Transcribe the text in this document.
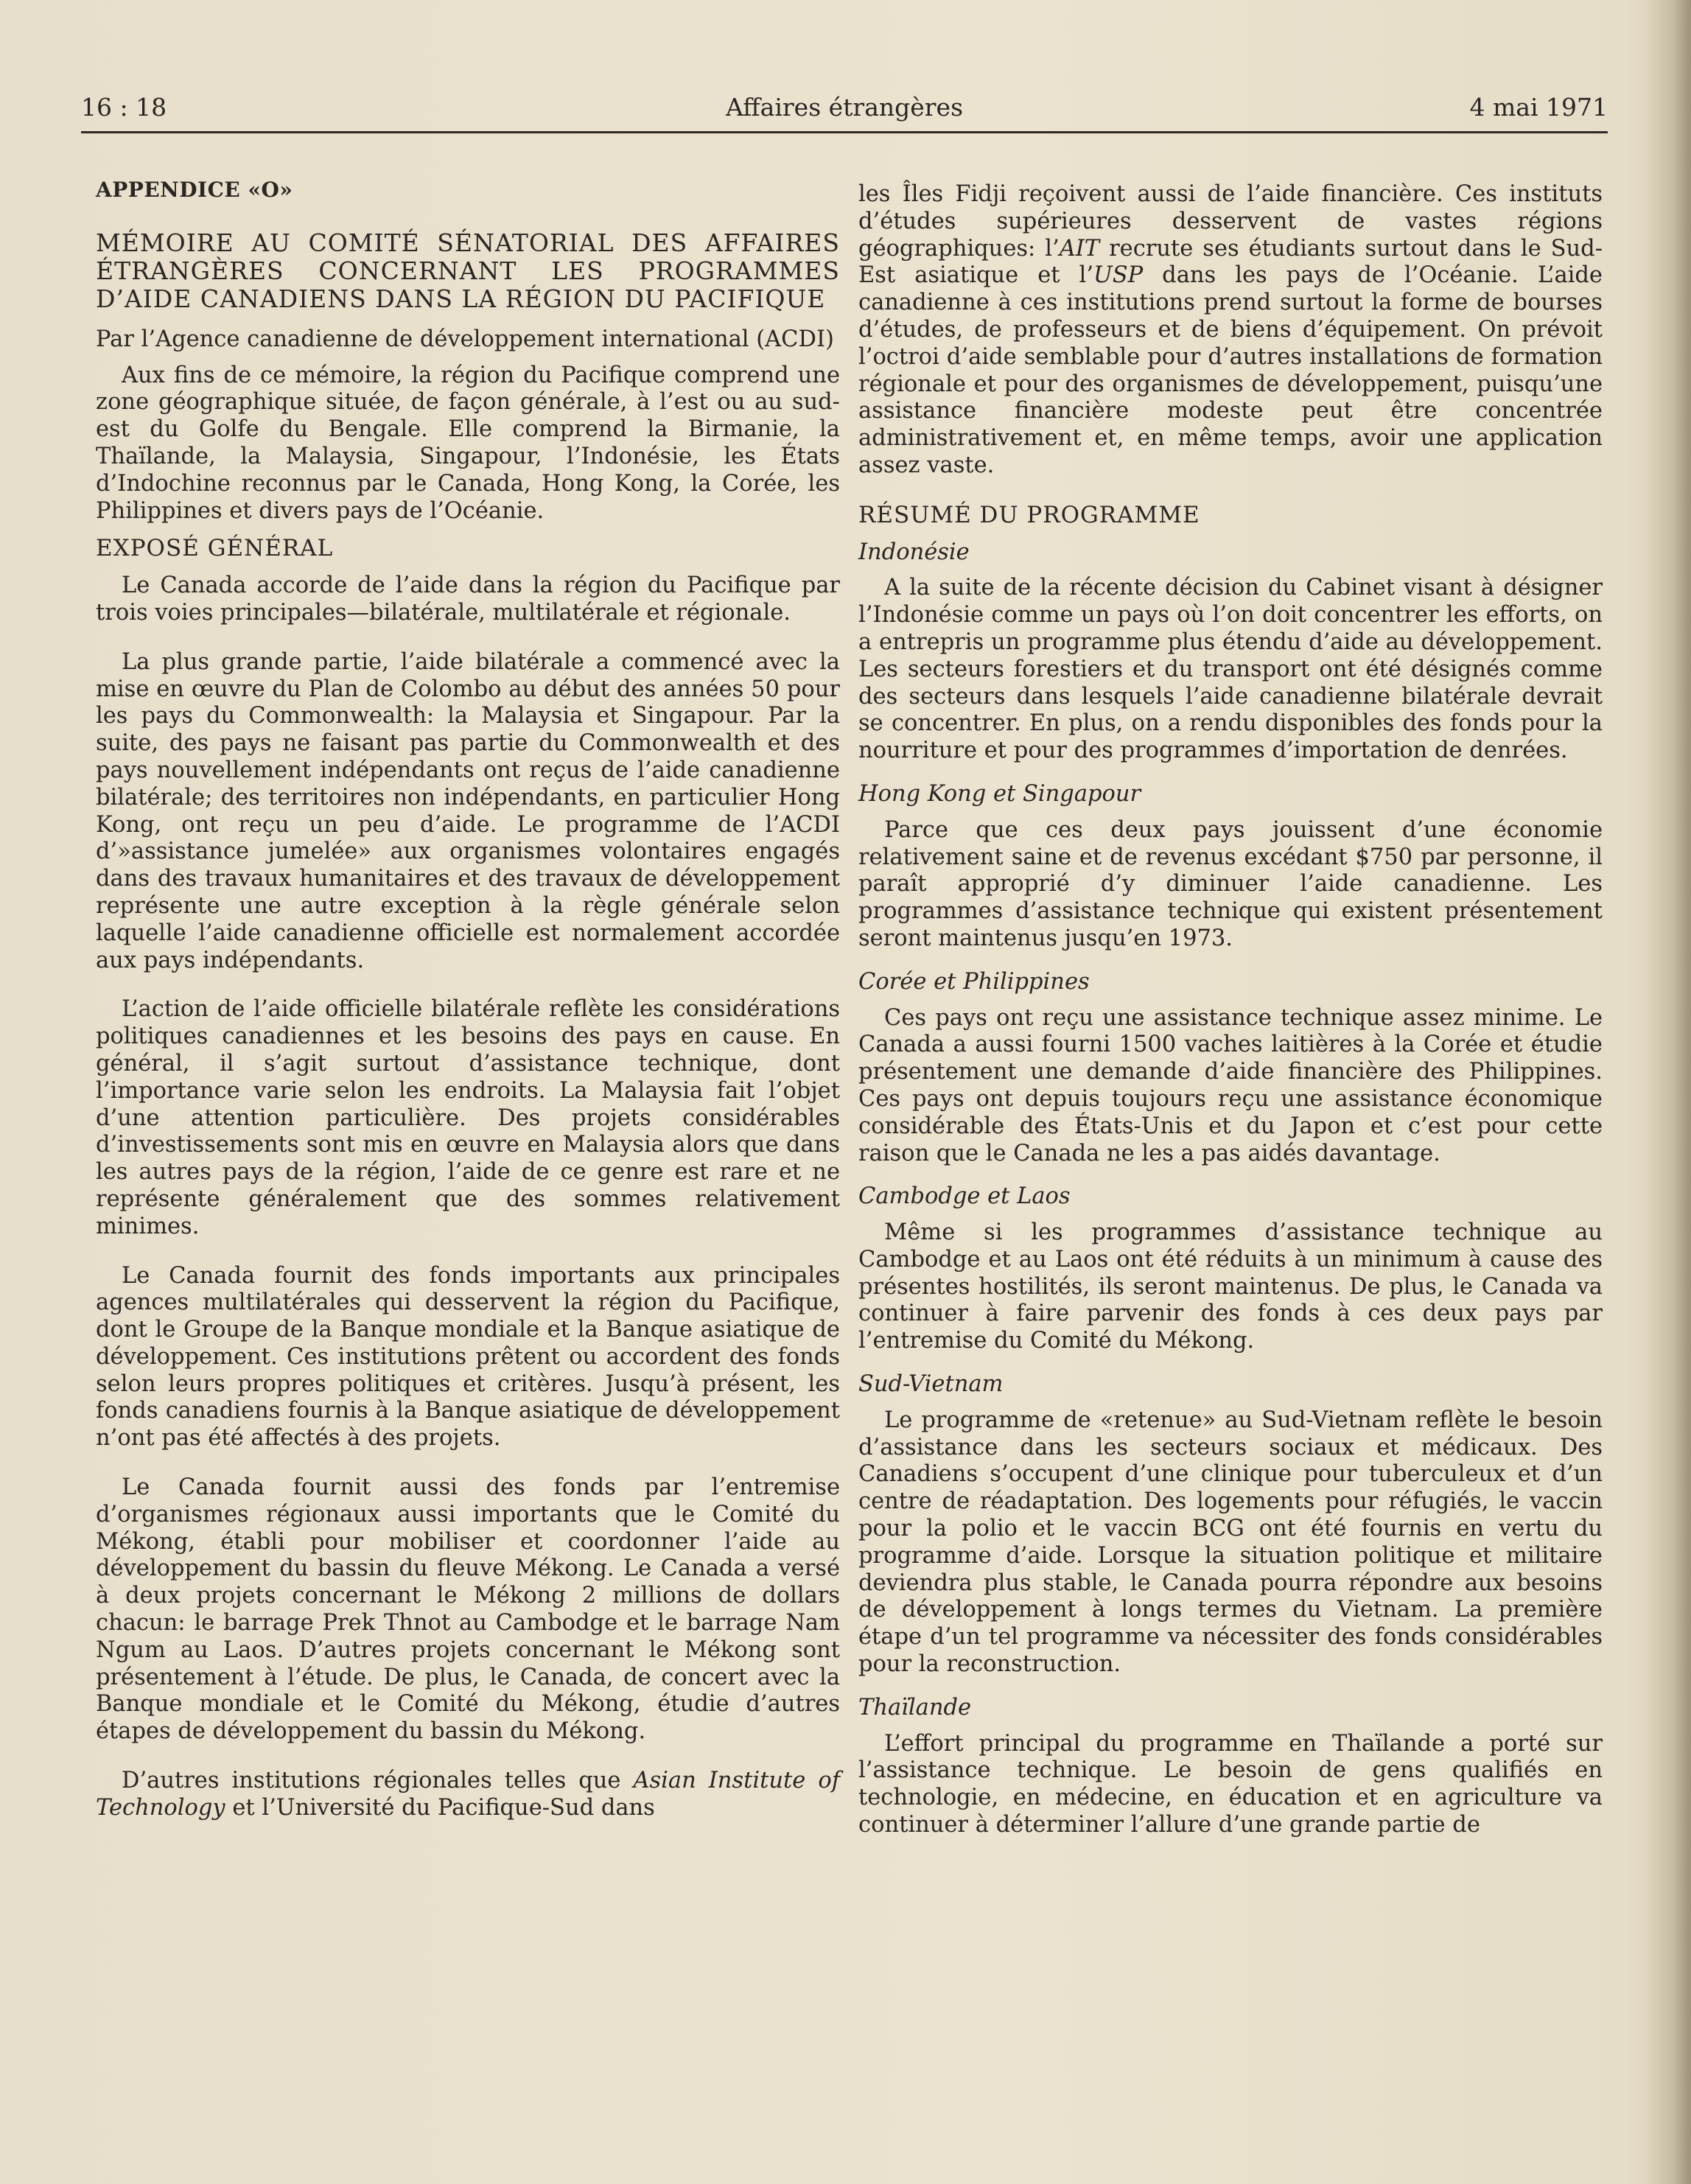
16 : 18	Affaires étrangères	4 mai 1971

APPENDICE «O»

MÉMOIRE AU COMITÉ SÉNATORIAL DES AFFAIRES ÉTRANGÈRES CONCERNANT LES PROGRAMMES D’AIDE CANADIENS DANS LA RÉGION DU PACIFIQUE

Par l’Agence canadienne de développement international (ACDI)

Aux fins de ce mémoire, la région du Pacifique comprend une zone géographique située, de façon générale, à l’est ou au sud-est du Golfe du Bengale. Elle comprend la Birmanie, la Thaïlande, la Malaysia, Singapour, l’Indonésie, les États d’Indochine reconnus par le Canada, Hong Kong, la Corée, les Philippines et divers pays de l’Océanie.

EXPOSÉ GÉNÉRAL

Le Canada accorde de l’aide dans la région du Pacifique par trois voies principales—bilatérale, multilatérale et régionale.

La plus grande partie, l’aide bilatérale a commencé avec la mise en œuvre du Plan de Colombo au début des années 50 pour les pays du Commonwealth: la Malaysia et Singapour. Par la suite, des pays ne faisant pas partie du Commonwealth et des pays nouvellement indépendants ont reçus de l’aide canadienne bilatérale; des territoires non indépendants, en particulier Hong Kong, ont reçu un peu d’aide. Le programme de l’ACDI d’»assistance jumelée» aux organismes volontaires engagés dans des travaux humanitaires et des travaux de développement représente une autre exception à la règle générale selon laquelle l’aide canadienne officielle est normalement accordée aux pays indépendants.

L’action de l’aide officielle bilatérale reflète les considérations politiques canadiennes et les besoins des pays en cause. En général, il s’agit surtout d’assistance technique, dont l’importance varie selon les endroits. La Malaysia fait l’objet d’une attention particulière. Des projets considérables d’investissements sont mis en œuvre en Malaysia alors que dans les autres pays de la région, l’aide de ce genre est rare et ne représente généralement que des sommes relativement minimes.

Le Canada fournit des fonds importants aux principales agences multilatérales qui desservent la région du Pacifique, dont le Groupe de la Banque mondiale et la Banque asiatique de développement. Ces institutions prêtent ou accordent des fonds selon leurs propres politiques et critères. Jusqu’à présent, les fonds canadiens fournis à la Banque asiatique de développement n’ont pas été affectés à des projets.

Le Canada fournit aussi des fonds par l’entremise d’organismes régionaux aussi importants que le Comité du Mékong, établi pour mobiliser et coordonner l’aide au développement du bassin du fleuve Mékong. Le Canada a versé à deux projets concernant le Mékong 2 millions de dollars chacun: le barrage Prek Thnot au Cambodge et le barrage Nam Ngum au Laos. D’autres projets concernant le Mékong sont présentement à l’étude. De plus, le Canada, de concert avec la Banque mondiale et le Comité du Mékong, étudie d’autres étapes de développement du bassin du Mékong.

D’autres institutions régionales telles que Asian Institute of Technology et l’Université du Pacifique-Sud dans

les Îles Fidji reçoivent aussi de l’aide financière. Ces instituts d’études supérieures desservent de vastes régions géographiques: l’AIT recrute ses étudiants surtout dans le Sud-Est asiatique et l’USP dans les pays de l’Océanie. L’aide canadienne à ces institutions prend surtout la forme de bourses d’études, de professeurs et de biens d’équipement. On prévoit l’octroi d’aide semblable pour d’autres installations de formation régionale et pour des organismes de développement, puisqu’une assistance financière modeste peut être concentrée administrativement et, en même temps, avoir une application assez vaste.

RÉSUMÉ DU PROGRAMME

Indonésie

A la suite de la récente décision du Cabinet visant à désigner l’Indonésie comme un pays où l’on doit concentrer les efforts, on a entrepris un programme plus étendu d’aide au développement. Les secteurs forestiers et du transport ont été désignés comme des secteurs dans lesquels l’aide canadienne bilatérale devrait se concentrer. En plus, on a rendu disponibles des fonds pour la nourriture et pour des programmes d’importation de denrées.

Hong Kong et Singapour

Parce que ces deux pays jouissent d’une économie relativement saine et de revenus excédant $750 par personne, il paraît approprié d’y diminuer l’aide canadienne. Les programmes d’assistance technique qui existent présentement seront maintenus jusqu’en 1973.

Corée et Philippines

Ces pays ont reçu une assistance technique assez minime. Le Canada a aussi fourni 1500 vaches laitières à la Corée et étudie présentement une demande d’aide financière des Philippines. Ces pays ont depuis toujours reçu une assistance économique considérable des États-Unis et du Japon et c’est pour cette raison que le Canada ne les a pas aidés davantage.

Cambodge et Laos

Même si les programmes d’assistance technique au Cambodge et au Laos ont été réduits à un minimum à cause des présentes hostilités, ils seront maintenus. De plus, le Canada va continuer à faire parvenir des fonds à ces deux pays par l’entremise du Comité du Mékong.

Sud-Vietnam

Le programme de «retenue» au Sud-Vietnam reflète le besoin d’assistance dans les secteurs sociaux et médicaux. Des Canadiens s’occupent d’une clinique pour tuberculeux et d’un centre de réadaptation. Des logements pour réfugiés, le vaccin pour la polio et le vaccin BCG ont été fournis en vertu du programme d’aide. Lorsque la situation politique et militaire deviendra plus stable, le Canada pourra répondre aux besoins de développement à longs termes du Vietnam. La première étape d’un tel programme va nécessiter des fonds considérables pour la reconstruction.

Thaïlande

L’effort principal du programme en Thaïlande a porté sur l’assistance technique. Le besoin de gens qualifiés en technologie, en médecine, en éducation et en agriculture va continuer à déterminer l’allure d’une grande partie de
